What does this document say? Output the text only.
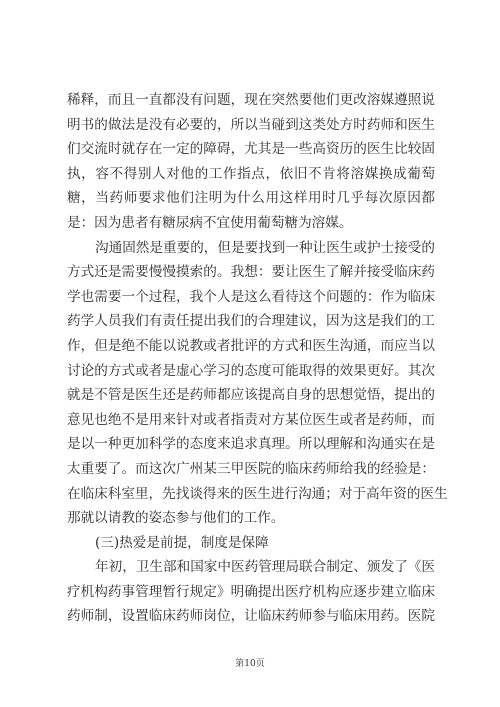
稀释，而且一直都没有问题，现在突然要他们更改溶媒遵照说
明书的做法是没有必要的，所以当碰到这类处方时药师和医生
们交流时就存在一定的障碍，尤其是一些高资历的医生比较固
执，容不得别人对他的工作指点，依旧不肯将溶媒换成葡萄
糖，当药师要求他们注明为什么用这样用时几乎每次原因都
是：因为患者有糖尿病不宜使用葡萄糖为溶媒。
沟通固然是重要的，但是要找到一种让医生或护士接受的
方式还是需要慢慢摸索的。我想：要让医生了解并接受临床药
学也需要一个过程，我个人是这么看待这个问题的：作为临床
药学人员我们有责任提出我们的合理建议，因为这是我们的工
作，但是绝不能以说教或者批评的方式和医生沟通，而应当以
讨论的方式或者是虚心学习的态度可能取得的效果更好。其次
就是不管是医生还是药师都应该提高自身的思想觉悟，提出的
意见也绝不是用来针对或者指责对方某位医生或者是药师，而
是以一种更加科学的态度来追求真理。所以理解和沟通实在是
太重要了。而这次广州某三甲医院的临床药师给我的经验是：
在临床科室里，先找谈得来的医生进行沟通；对于高年资的医生
那就以请教的姿态参与他们的工作。
(三)热爱是前提，制度是保障
年初，卫生部和国家中医药管理局联合制定、颁发了《医
疗机构药事管理暂行规定》明确提出医疗机构应逐步建立临床
药师制，设置临床药师岗位，让临床药师参与临床用药。医院
第10页
